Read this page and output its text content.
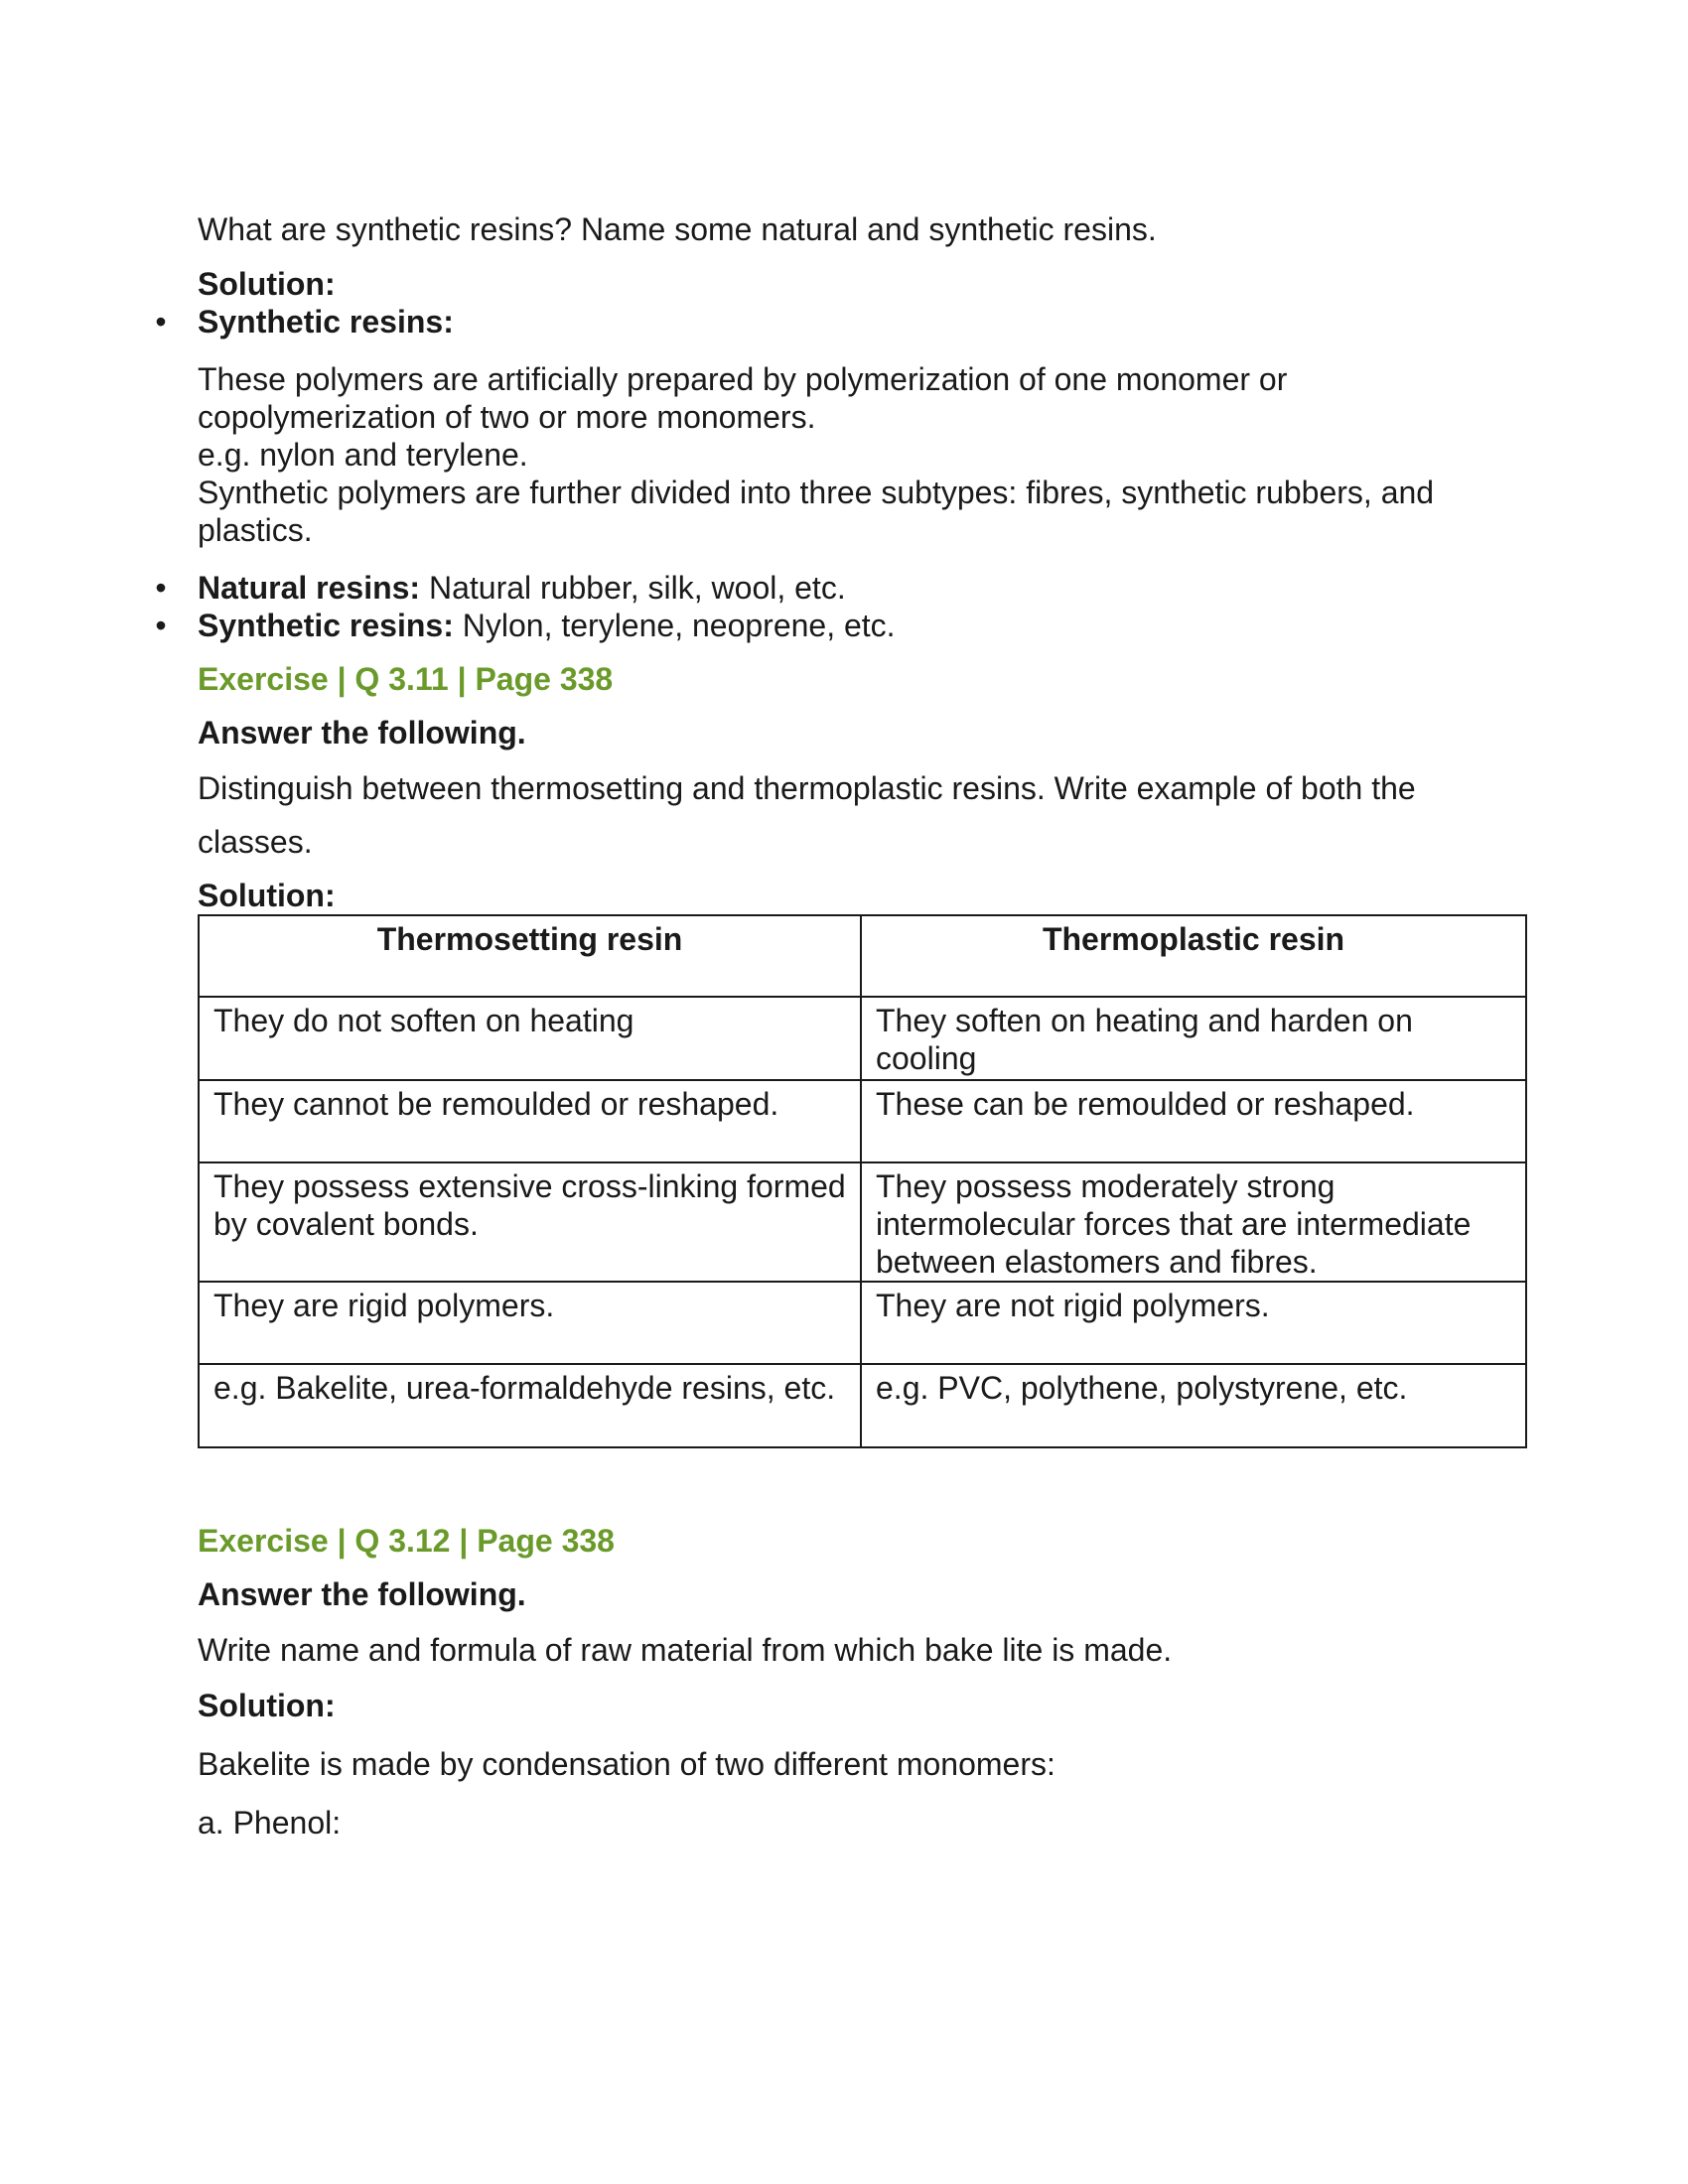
What are synthetic resins? Name some natural and synthetic resins.

Solution:

• Synthetic resins:

These polymers are artificially prepared by polymerization of one monomer or

copolymerization of two or more monomers.

e.g. nylon and terylene.

Synthetic polymers are further divided into three subtypes: fibres, synthetic rubbers, and

plastics.

• Natural resins: Natural rubber, silk, wool, etc.
• Synthetic resins: Nylon, terylene, neoprene, etc.

Exercise | Q 3.11 | Page 338

Answer the following.

Distinguish between thermosetting and thermoplastic resins. Write example of both the

classes.

Solution:

Thermosetting resin	Thermoplastic resin
They do not soften on heating	They soften on heating and harden on cooling
They cannot be remoulded or reshaped.	These can be remoulded or reshaped.
They possess extensive cross-linking formed by covalent bonds.	They possess moderately strong intermolecular forces that are intermediate between elastomers and fibres.
They are rigid polymers.	They are not rigid polymers.
e.g. Bakelite, urea-formaldehyde resins, etc.	e.g. PVC, polythene, polystyrene, etc.

Exercise | Q 3.12 | Page 338

Answer the following.

Write name and formula of raw material from which bake lite is made.

Solution:

Bakelite is made by condensation of two different monomers:

a. Phenol:
